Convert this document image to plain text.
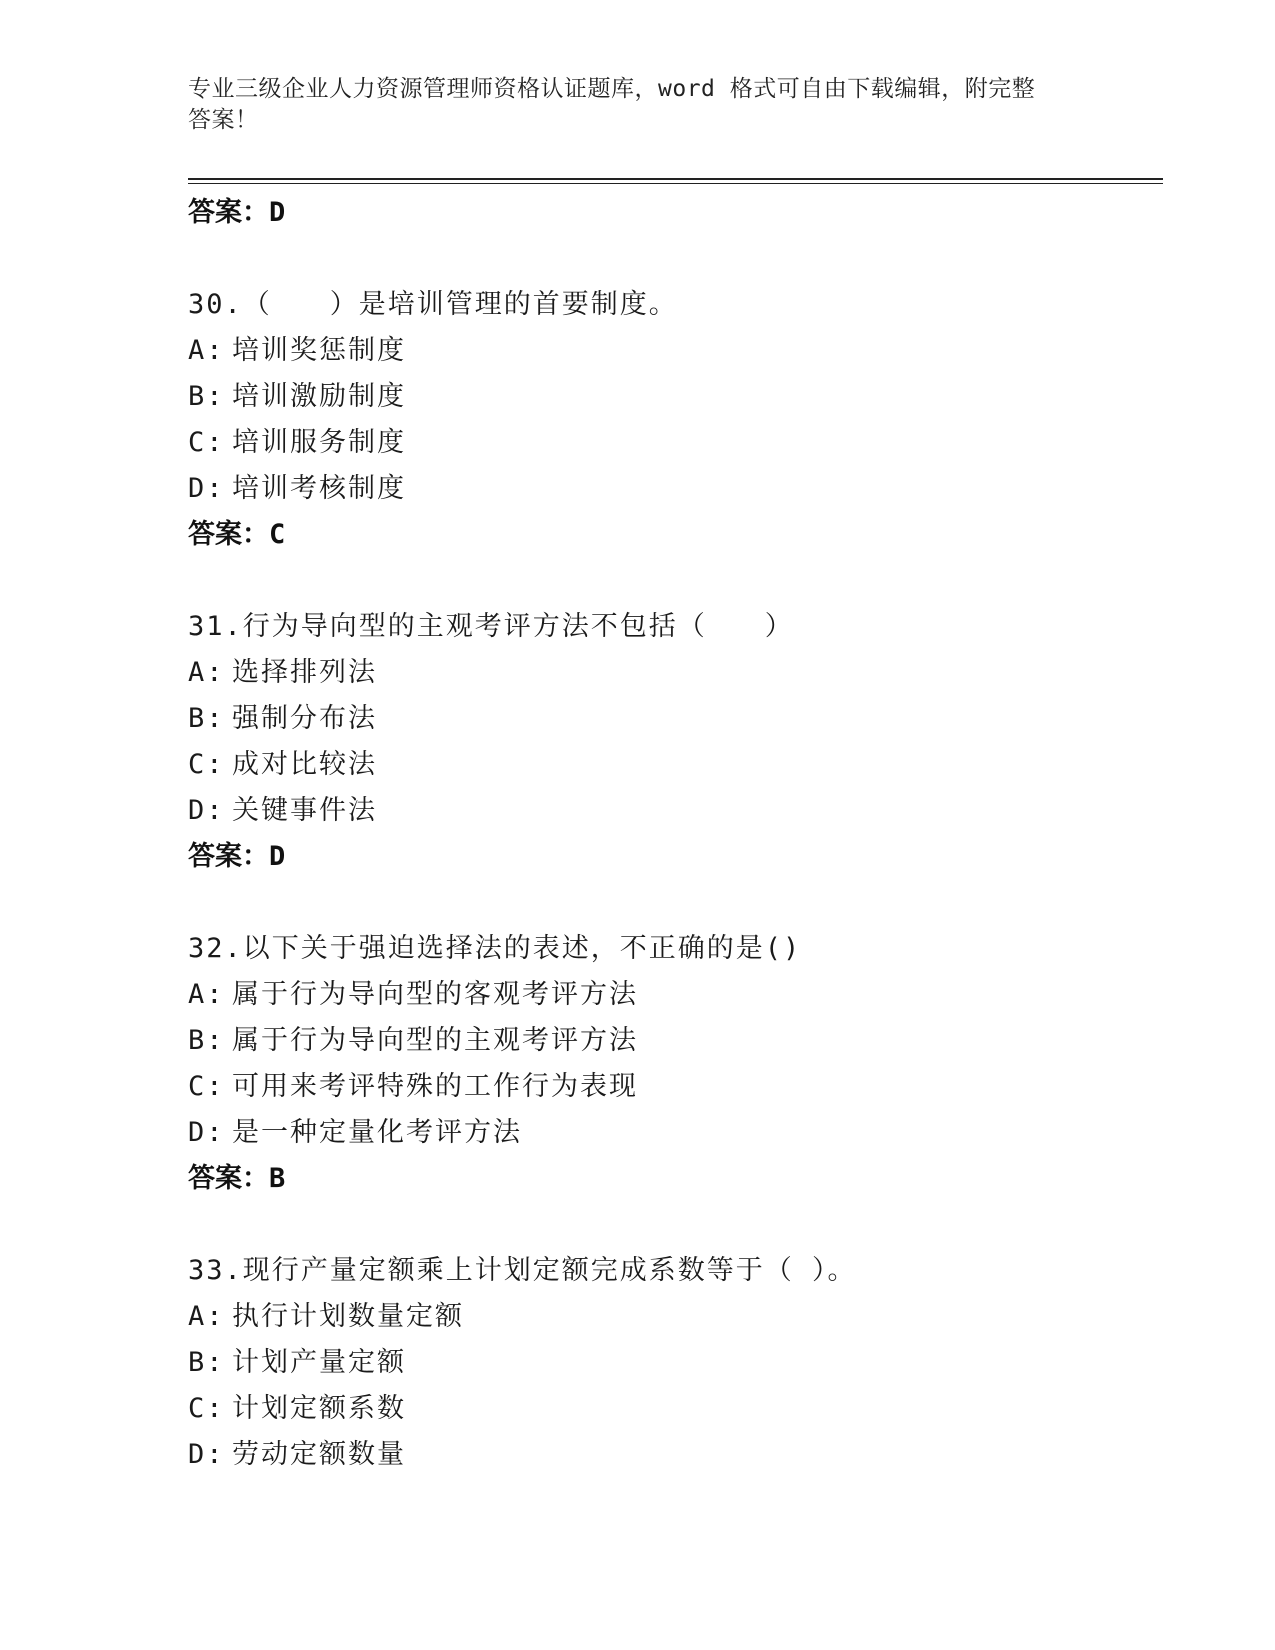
专业三级企业人力资源管理师资格认证题库，word 格式可自由下载编辑，附完整
答案！
答案：D
30.（　　）是培训管理的首要制度。
A: 培训奖惩制度
B: 培训激励制度
C: 培训服务制度
D: 培训考核制度
答案：C
31.行为导向型的主观考评方法不包括（　　）
A: 选择排列法
B: 强制分布法
C: 成对比较法
D: 关键事件法
答案：D
32.以下关于强迫选择法的表述，不正确的是()
A: 属于行为导向型的客观考评方法
B: 属于行为导向型的主观考评方法
C: 可用来考评特殊的工作行为表现
D: 是一种定量化考评方法
答案：B
33.现行产量定额乘上计划定额完成系数等于（ ）。
A: 执行计划数量定额
B: 计划产量定额
C: 计划定额系数
D: 劳动定额数量
